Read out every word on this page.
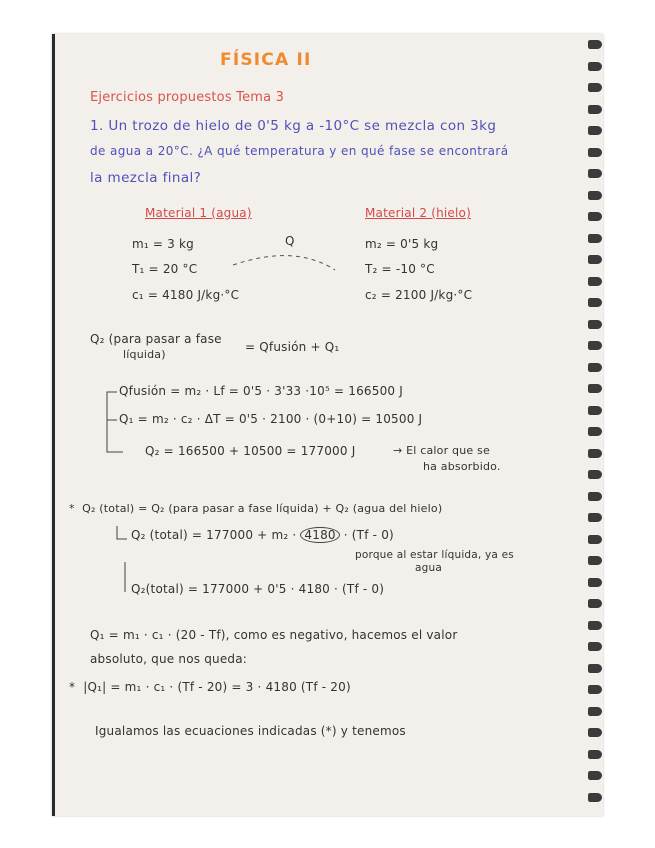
FÍSICA II
Ejercicios propuestos Tema 3
1. Un trozo de hielo de 0'5 kg a -10°C se mezcla con 3kg
de agua a 20°C. ¿A qué temperatura y en qué fase se encontrará
la mezcla final?
Material 1 (agua)
m₁ = 3 kg
T₁ = 20 °C
c₁ = 4180 J/kg·°C
Q
Material 2 (hielo)
m₂ = 0'5 kg
T₂ = -10 °C
c₂ = 2100 J/kg·°C
Q₂ (para pasar a fase
líquida)
= Qfusión + Q₁
Qfusión = m₂ · Lf = 0'5 · 3'33 ·10⁵ = 166500 J
Q₁ = m₂ · c₂ · ΔT = 0'5 · 2100 · (0+10) = 10500 J
Q₂ = 166500 + 10500 = 177000 J	→ El calor que se
ha absorbido.
*  Q₂ (total) = Q₂ (para pasar a fase líquida) + Q₂ (agua del hielo)
Q₂ (total) = 177000 + m₂ · 4180 · (Tf - 0)
porque al estar líquida, ya es
agua
Q₂(total) = 177000 + 0'5 · 4180 · (Tf - 0)
Q₁ = m₁ · c₁ · (20 - Tf), como es negativo, hacemos el valor
absoluto, que nos queda:
*  |Q₁| = m₁ · c₁ · (Tf - 20) = 3 · 4180 (Tf - 20)
Igualamos las ecuaciones indicadas (*) y tenemos
